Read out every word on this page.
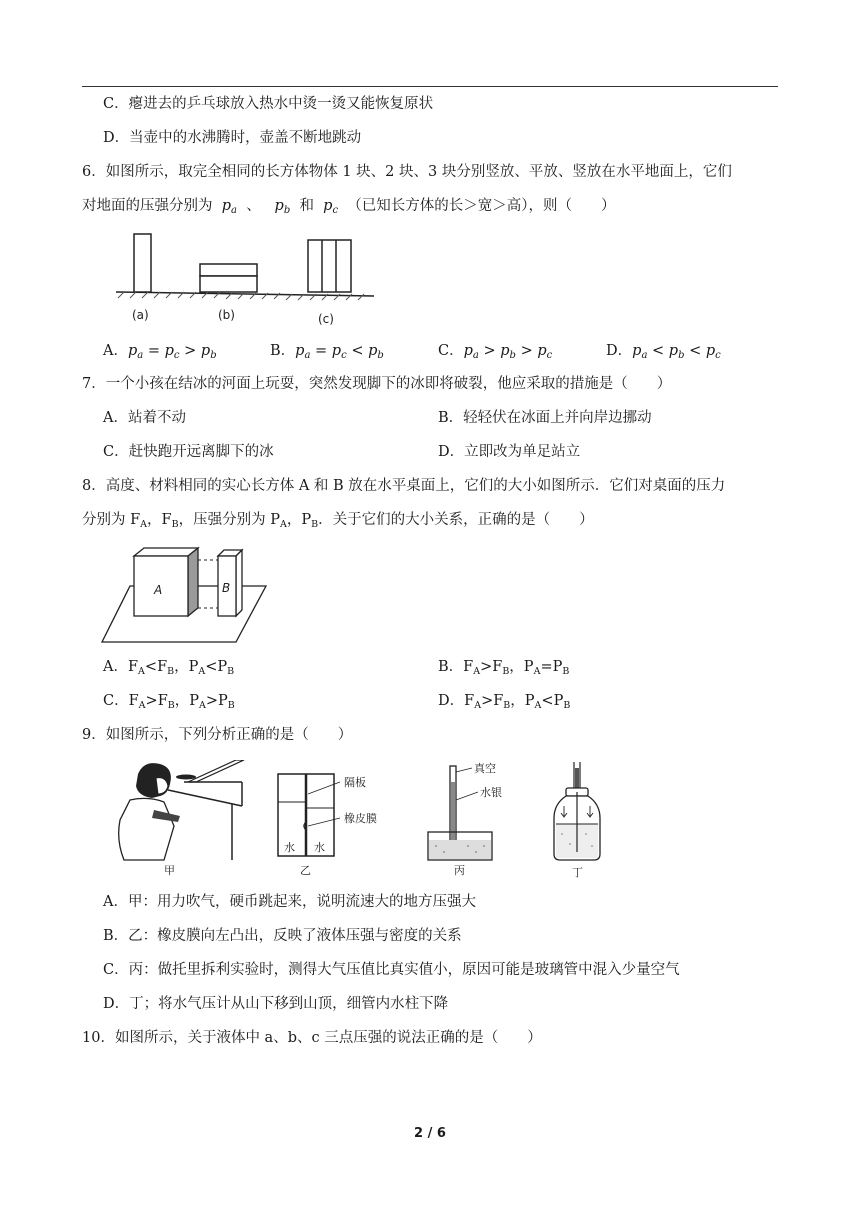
C．瘪进去的乒乓球放入热水中烫一烫又能恢复原状
D．当壶中的水沸腾时，壶盖不断地跳动
6．如图所示，取完全相同的长方体物体 1 块、2 块、3 块分别竖放、平放、竖放在水平地面上，它们
对地面的压强分别为  $p_a$ 、   $p_b$ 和  $p_c$ （已知长方体的长＞宽＞高），则（　　）
(a)	(b)	(c)
A．$p_a = p_c > p_b$	B．$p_a = p_c < p_b$	C．$p_a > p_b > p_c$	D．$p_a < p_b < p_c$
7．一个小孩在结冰的河面上玩耍，突然发现脚下的冰即将破裂，他应采取的措施是（　　）
A．站着不动	B．轻轻伏在冰面上并向岸边挪动
C．赶快跑开远离脚下的冰	D．立即改为单足站立
8．高度、材料相同的实心长方体 A 和 B 放在水平桌面上，它们的大小如图所示．它们对桌面的压力
分别为 $F_A$，$F_B$，压强分别为 $P_A$，$P_B$．关于它们的大小关系，正确的是（　　）
A	B
A．$F_A<F_B$，$P_A<P_B$	B．$F_A>F_B$，$P_A=P_B$
C．$F_A>F_B$，$P_A>P_B$	D．$F_A>F_B$，$P_A<P_B$
9．如图所示，下列分析正确的是（　　）
甲
隔板
橡皮膜
水 水
乙
真空
水银
丙	丁
A．甲：用力吹气，硬币跳起来，说明流速大的地方压强大
B．乙：橡皮膜向左凸出，反映了液体压强与密度的关系
C．丙：做托里拆利实验时，测得大气压值比真实值小，原因可能是玻璃管中混入少量空气
D．丁；将水气压计从山下移到山顶，细管内水柱下降
10．如图所示，关于液体中 a、b、c 三点压强的说法正确的是（　　）
2 / 6
